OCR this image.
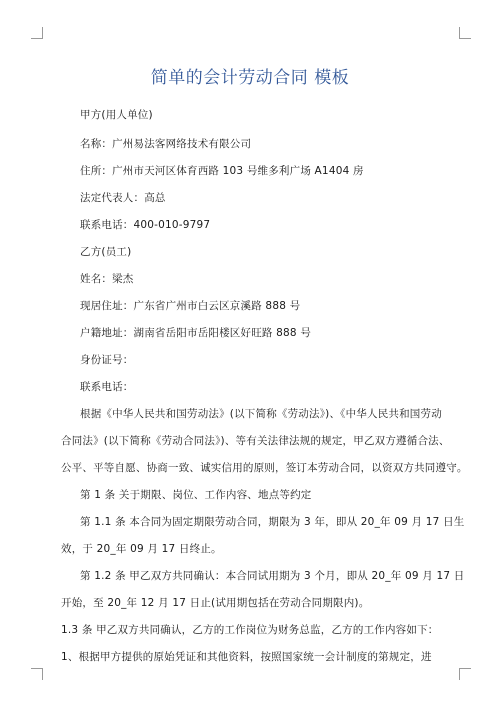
简单的会计劳动合同 模板
甲方(用人单位)
名称：广州易法客网络技术有限公司
住所：广州市天河区体育西路 103 号维多利广场 A1404 房
法定代表人：高总
联系电话：400-010-9797
乙方(员工)
姓名：梁杰
现居住址：广东省广州市白云区京溪路 888 号
户籍地址：湖南省岳阳市岳阳楼区好旺路 888 号
身份证号：
联系电话：
根据《中华人民共和国劳动法》(以下简称《劳动法》)、《中华人民共和国劳动
合同法》(以下简称《劳动合同法》)、等有关法律法规的规定，甲乙双方遵循合法、
公平、平等自愿、协商一致、诚实信用的原则，签订本劳动合同，以资双方共同遵守。
第 1 条 关于期限、岗位、工作内容、地点等约定
第 1.1 条 本合同为固定期限劳动合同，期限为 3 年，即从 20_年 09 月 17 日生
效，于 20_年 09 月 17 日终止。
第 1.2 条 甲乙双方共同确认：本合同试用期为 3 个月，即从 20_年 09 月 17 日
开始，至 20_年 12 月 17 日止(试用期包括在劳动合同期限内)。
1.3 条 甲乙双方共同确认，乙方的工作岗位为财务总监，乙方的工作内容如下：
1、根据甲方提供的原始凭证和其他资料，按照国家统一会计制度的第规定，进
